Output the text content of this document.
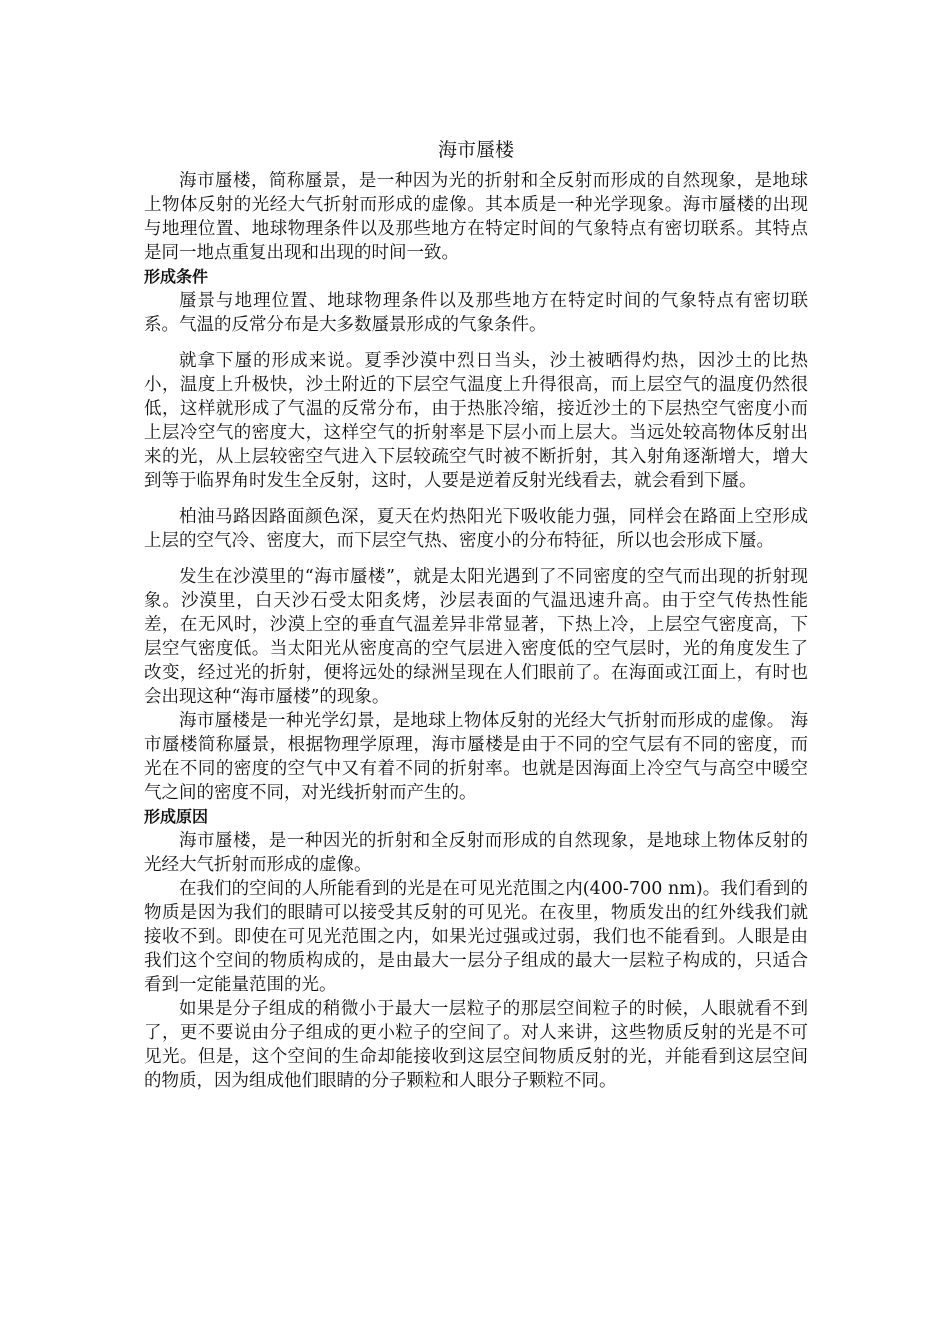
海市蜃楼

海市蜃楼，简称蜃景，是一种因为光的折射和全反射而形成的自然现象，是地球上物体反射的光经大气折射而形成的虚像。其本质是一种光学现象。海市蜃楼的出现与地理位置、地球物理条件以及那些地方在特定时间的气象特点有密切联系。其特点是同一地点重复出现和出现的时间一致。

形成条件

蜃景与地理位置、地球物理条件以及那些地方在特定时间的气象特点有密切联系。气温的反常分布是大多数蜃景形成的气象条件。

就拿下蜃的形成来说。夏季沙漠中烈日当头，沙土被晒得灼热，因沙土的比热小，温度上升极快，沙土附近的下层空气温度上升得很高，而上层空气的温度仍然很低，这样就形成了气温的反常分布，由于热胀冷缩，接近沙土的下层热空气密度小而上层冷空气的密度大，这样空气的折射率是下层小而上层大。当远处较高物体反射出来的光，从上层较密空气进入下层较疏空气时被不断折射，其入射角逐渐增大，增大到等于临界角时发生全反射，这时，人要是逆着反射光线看去，就会看到下蜃。

柏油马路因路面颜色深，夏天在灼热阳光下吸收能力强，同样会在路面上空形成上层的空气冷、密度大，而下层空气热、密度小的分布特征，所以也会形成下蜃。

发生在沙漠里的“海市蜃楼”，就是太阳光遇到了不同密度的空气而出现的折射现象。沙漠里，白天沙石受太阳炙烤，沙层表面的气温迅速升高。由于空气传热性能差，在无风时，沙漠上空的垂直气温差异非常显著，下热上冷，上层空气密度高，下层空气密度低。当太阳光从密度高的空气层进入密度低的空气层时，光的角度发生了改变，经过光的折射，便将远处的绿洲呈现在人们眼前了。在海面或江面上，有时也会出现这种“海市蜃楼”的现象。

海市蜃楼是一种光学幻景，是地球上物体反射的光经大气折射而形成的虚像。 海市蜃楼简称蜃景，根据物理学原理，海市蜃楼是由于不同的空气层有不同的密度，而光在不同的密度的空气中又有着不同的折射率。也就是因海面上冷空气与高空中暖空气之间的密度不同，对光线折射而产生的。

形成原因

海市蜃楼，是一种因光的折射和全反射而形成的自然现象，是地球上物体反射的光经大气折射而形成的虚像。

在我们的空间的人所能看到的光是在可见光范围之内(400-700 nm)。我们看到的物质是因为我们的眼睛可以接受其反射的可见光。在夜里，物质发出的红外线我们就接收不到。即使在可见光范围之内，如果光过强或过弱，我们也不能看到。人眼是由我们这个空间的物质构成的，是由最大一层分子组成的最大一层粒子构成的，只适合看到一定能量范围的光。

如果是分子组成的稍微小于最大一层粒子的那层空间粒子的时候，人眼就看不到了，更不要说由分子组成的更小粒子的空间了。对人来讲，这些物质反射的光是不可见光。但是，这个空间的生命却能接收到这层空间物质反射的光，并能看到这层空间的物质，因为组成他们眼睛的分子颗粒和人眼分子颗粒不同。
